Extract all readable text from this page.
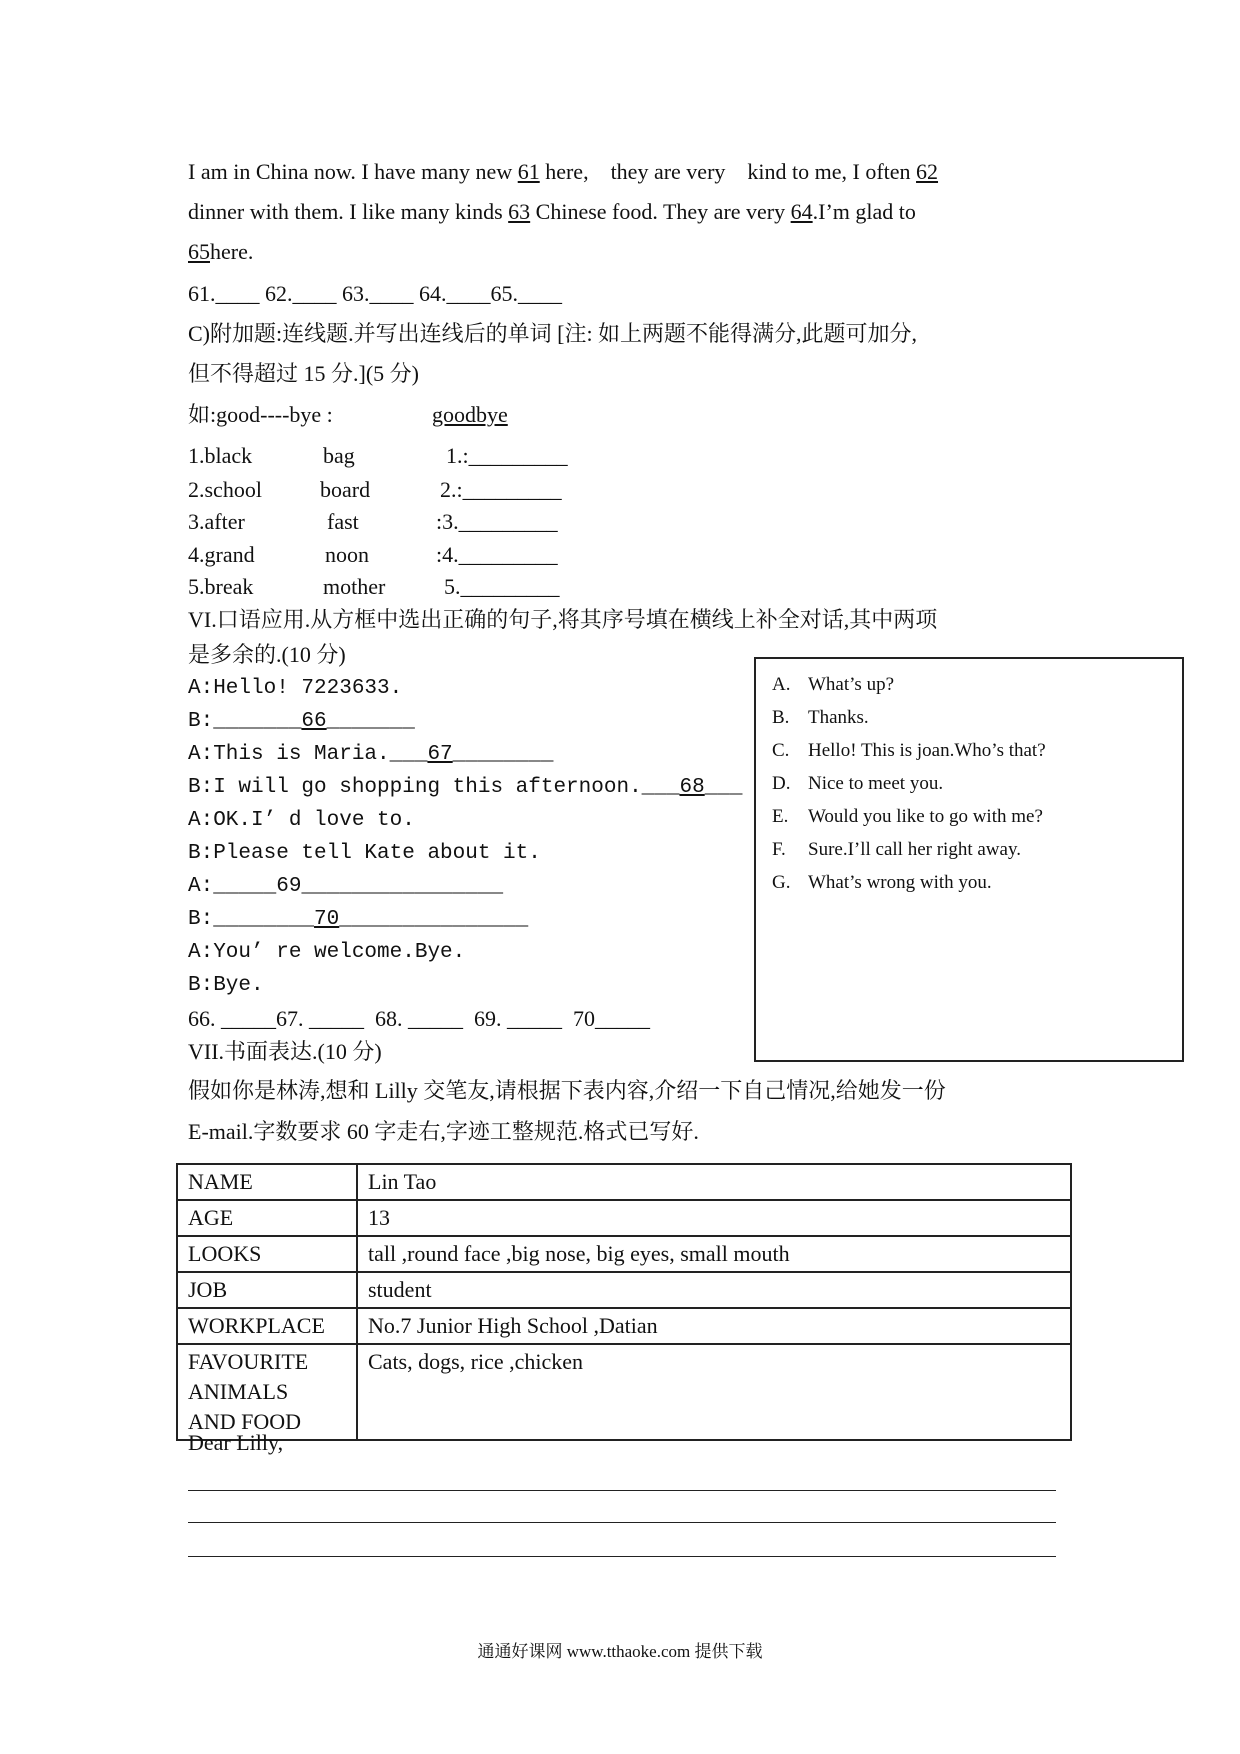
I am in China now. I have many new 61 here,    they are very    kind to me, I often 62
dinner with them. I like many kinds 63 Chinese food. They are very 64.I’m glad to
65here.
61.____ 62.____ 63.____ 64.____65.____
C)附加题:连线题.并写出连线后的单词 [注: 如上两题不能得满分,此题可加分,
但不得超过 15 分.](5 分)
如:good----bye :	goodbye
1.black	bag	1.:_________
2.school	board	2.:_________
3.after	fast	:3._________
4.grand	noon	:4._________
5.break	mother	5._________
VI.口语应用.从方框中选出正确的句子,将其序号填在横线上补全对话,其中两项
是多余的.(10 分)
A:Hello! 7223633.
B:_______66_______
A:This is Maria.___67________
B:I will go shopping this afternoon.___68___
A:OK.I’ d love to.
B:Please tell Kate about it.
A:_____69________________
B:________70_______________
A:You’ re welcome.Bye.
B:Bye.
66. _____67. _____  68. _____  69. _____  70_____
A. What’s up?
B. Thanks.
C. Hello! This is joan.Who’s that?
D. Nice to meet you.
E. Would you like to go with me?
F. Sure.I’ll call her right away.
G. What’s wrong with you.
VII.书面表达.(10 分)
假如你是林涛,想和 Lilly 交笔友,请根据下表内容,介绍一下自己情况,给她发一份
E-mail.字数要求 60 字走右,字迹工整规范.格式已写好.
NAME	Lin Tao
AGE	13
LOOKS	tall ,round face ,big nose, big eyes, small mouth
JOB	student
WORKPLACE	No.7 Junior High School ,Datian
FAVOURITE
ANIMALS
AND FOOD	Cats, dogs, rice ,chicken
Dear Lilly,
通通好课网 www.tthaoke.com 提供下载
